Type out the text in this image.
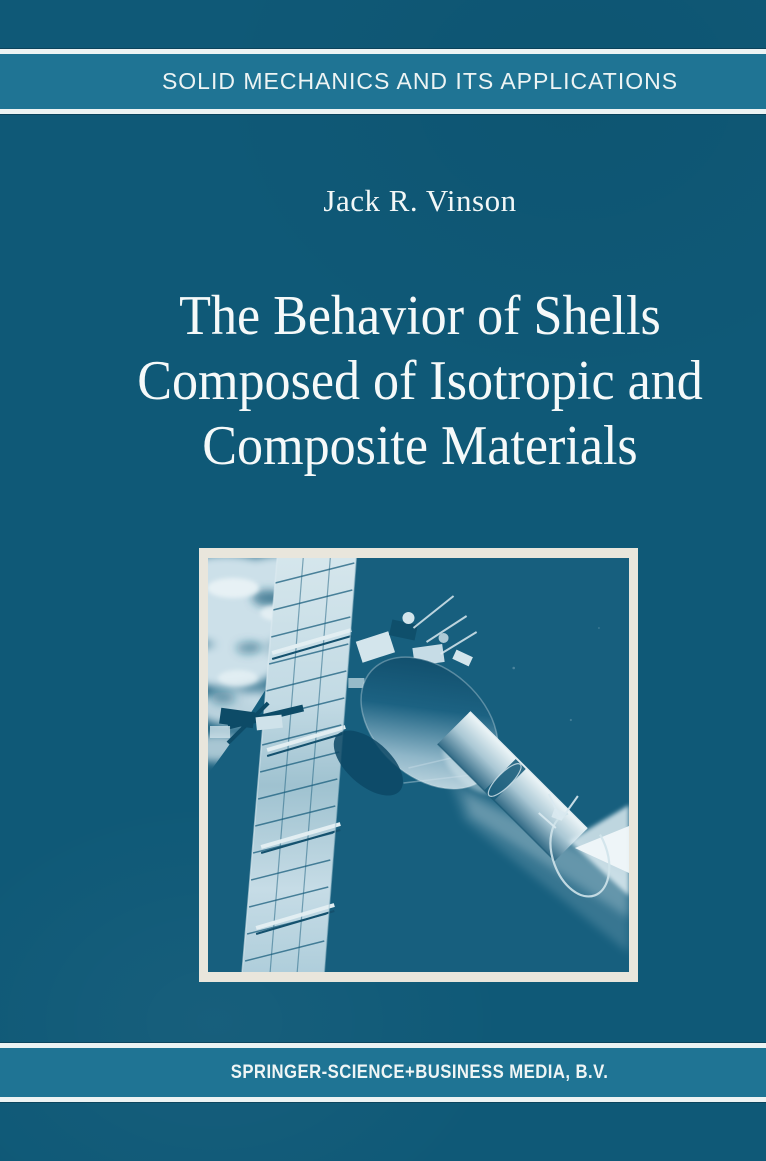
SOLID MECHANICS AND ITS APPLICATIONS
Jack R. Vinson
The Behavior of Shells
Composed of Isotropic and
Composite Materials
SPRINGER-SCIENCE+BUSINESS MEDIA, B.V.
